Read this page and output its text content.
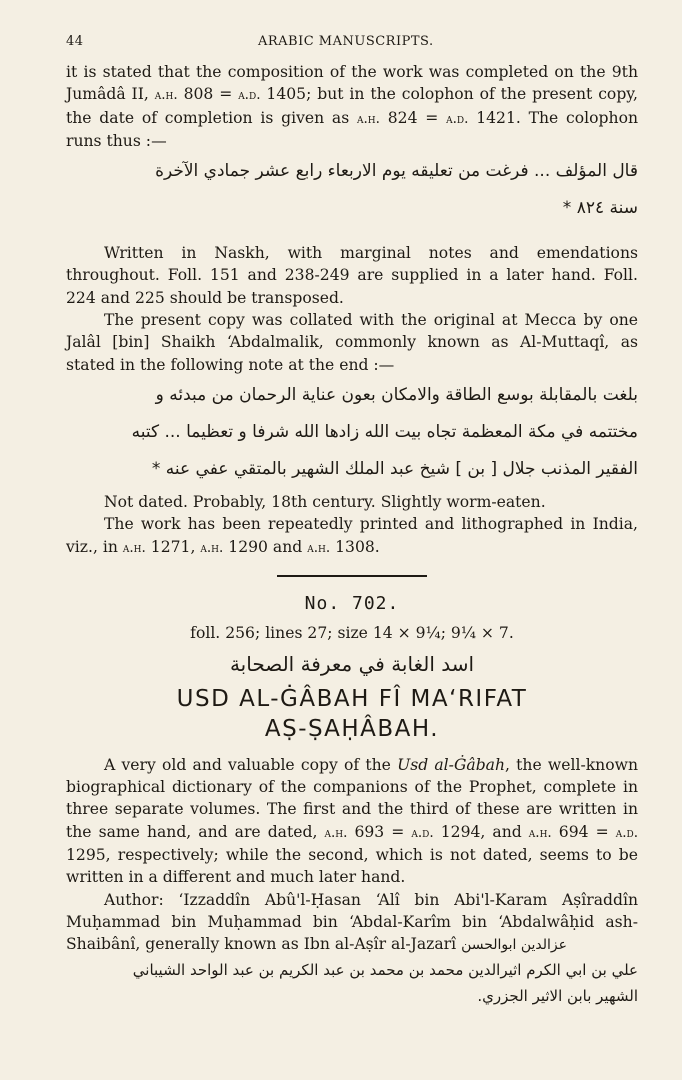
44	ARABIC MANUSCRIPTS.

it is stated that the composition of the work was completed on the 9th Jumâdâ II, a.h. 808 = a.d. 1405; but in the colophon of the present copy, the date of completion is given as a.h. 824 = a.d. 1421. The colophon runs thus :—

قال المؤلف ... فرغت من تعليقه يوم الاربعاء رابع عشر جمادي الآخرة
سنة ٨٢٤ *

Written in Naskh, with marginal notes and emendations throughout. Foll. 151 and 238-249 are supplied in a later hand. Foll. 224 and 225 should be transposed.

The present copy was collated with the original at Mecca by one Jalâl [bin] Shaikh ‘Abdalmalik, commonly known as Al-Muttaqî, as stated in the following note at the end :—

بلغت بالمقابلة بوسع الطاقة والامكان بعون عناية الرحمان من مبدئه و
مختتمه في مكة المعظمة تجاه بيت الله زادها الله شرفا و تعظيما ... كتبه
الفقير المذنب جلال [ بن ] شيخ عبد الملك الشهير بالمتقي عفي عنه *

Not dated. Probably, 18th century. Slightly worm-eaten.

The work has been repeatedly printed and lithographed in India, viz., in a.h. 1271, a.h. 1290 and a.h. 1308.

No. 702.
foll. 256; lines 27; size 14 × 9¼; 9¼ × 7.
اسد الغابة في معرفة الصحابة
USD AL-ĠÂBAH FÎ MA‘RIFAT
AṢ-ṢAḤÂBAH.

A very old and valuable copy of the Usd al-Ġâbah, the well-known biographical dictionary of the companions of the Prophet, complete in three separate volumes. The first and the third of these are written in the same hand, and are dated, a.h. 693 = a.d. 1294, and a.h. 694 = a.d. 1295, respectively; while the second, which is not dated, seems to be written in a different and much later hand.

Author: ‘Izzaddîn Abû'l-Ḥasan ‘Alî bin Abi'l-Karam Aṣîraddîn Muḥammad bin Muḥammad bin ‘Abdal-Karîm bin ‘Abdalwâḥid ash-Shaibânî, generally known as Ibn al-Aṣîr al-Jazarî عزالدين ابوالحسن

علي بن ابي الكرم اثيرالدين محمد بن محمد بن عبد الكريم بن عبد الواحد الشيباني
الشهير بابن الاثير الجزري.
